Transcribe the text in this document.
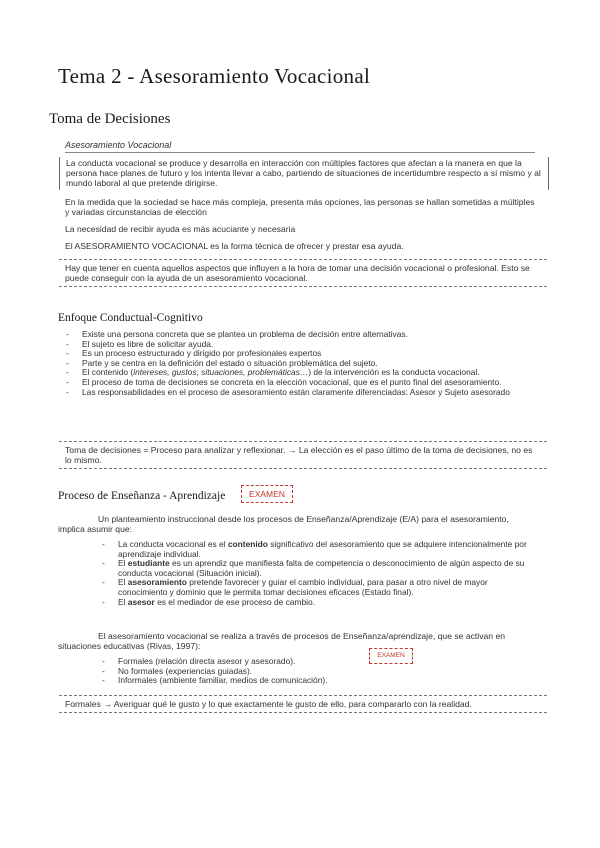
Tema 2 - Asesoramiento Vocacional
Toma de Decisiones
Asesoramiento Vocacional

La conducta vocacional se produce y desarrolla en interacción con múltiples factores que afectan a la manera en que la persona hace planes de futuro y los intenta llevar a cabo, partiendo de situaciones de incertidumbre respecto a sí mismo y al mundo laboral al que pretende dirigirse.

En la medida que la sociedad se hace más compleja, presenta más opciones, las personas se hallan sometidas a múltiples y variadas circunstancias de elección

La necesidad de recibir ayuda es más acuciante y necesaria

El ASESORAMIENTO VOCACIONAL es la forma técnica de ofrecer y prestar esa ayuda.

Hay que tener en cuenta aquellos aspectos que influyen a la hora de tomar una decisión vocacional o profesional. Esto se puede conseguir con la ayuda de un asesoramiento vocacional.

Enfoque Conductual-Cognitivo
- Existe una persona concreta que se plantea un problema de decisión entre alternativas.
- El sujeto es libre de solicitar ayuda.
- Es un proceso estructurado y dirigido por profesionales expertos
- Parte y se centra en la definición del estado o situación problemática del sujeto.
- El contenido (intereses, gustos, situaciones, problemáticas…) de la intervención es la conducta vocacional.
- El proceso de toma de decisiones se concreta en la elección vocacional, que es el punto final del asesoramiento.
- Las responsabilidades en el proceso de asesoramiento están claramente diferenciadas: Asesor y Sujeto asesorado

Toma de decisiones = Proceso para analizar y reflexionar. → La elección es el paso último de la toma de decisiones, no es lo mismo.

Proceso de Enseñanza - Aprendizaje	EXAMEN

Un planteamiento instruccional desde los procesos de Enseñanza/Aprendizaje (E/A) para el asesoramiento, implica asumir que:

- La conducta vocacional es el contenido significativo del asesoramiento que se adquiere intencionalmente por aprendizaje individual.
- El estudiante es un aprendiz que manifiesta falta de competencia o desconocimiento de algún aspecto de su conducta vocacional (Situación inicial).
- El asesoramiento pretende favorecer y guiar el cambio individual, para pasar a otro nivel de mayor conocimiento y dominio que le permita tomar decisiones eficaces (Estado final).
- El asesor es el mediador de ese proceso de cambio.

El asesoramiento vocacional se realiza a través de procesos de Enseñanza/aprendizaje, que se activan en situaciones educativas (Rivas, 1997):

EXAMEN
- Formales (relación directa asesor y asesorado).
- No formales (experiencias guiadas).
- Informales (ambiente familiar, medios de comunicación).

Formales → Averiguar qué le gusto y lo que exactamente le gusto de ello, para compararlo con la realidad.
